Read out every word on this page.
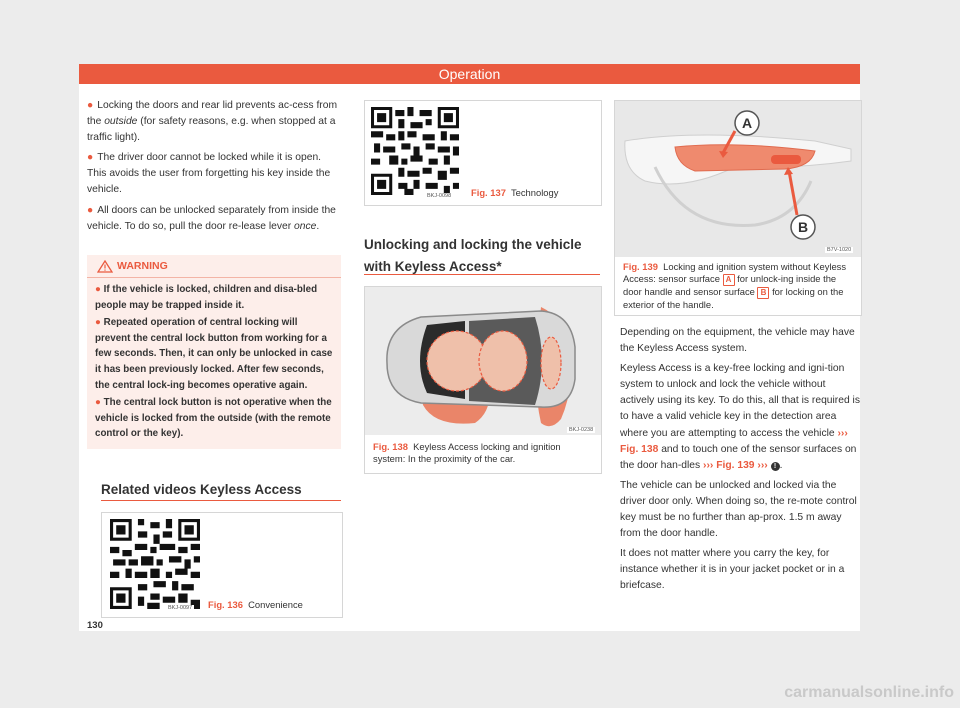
Operation

● Locking the doors and rear lid prevents ac-cess from the outside (for safety reasons, e.g. when stopped at a traffic light).

● The driver door cannot be locked while it is open. This avoids the user from forgetting his key inside the vehicle.

● All doors can be unlocked separately from inside the vehicle. To do so, pull the door re-lease lever once.

WARNING

● If the vehicle is locked, children and disa-bled people may be trapped inside it.

● Repeated operation of central locking will prevent the central lock button from working for a few seconds. Then, it can only be unlocked in case it has been previously locked. After few seconds, the central lock-ing becomes operative again.

● The central lock button is not operative when the vehicle is locked from the outside (with the remote control or the key).

Related videos Keyless Access
BKJ-0097 Fig. 136 Convenience
BKJ-0098 Fig. 137 Technology
Unlocking and locking the vehicle with Keyless Access*
BKJ-0238
Fig. 138 Keyless Access locking and ignition system: In the proximity of the car.
A
B
B7V-1020
Fig. 139 Locking and ignition system without Keyless Access: sensor surface A for unlock-ing inside the door handle and sensor surface B for locking on the exterior of the handle.

Depending on the equipment, the vehicle may have the Keyless Access system.

Keyless Access is a key-free locking and igni-tion system to unlock and lock the vehicle without actively using its key. To do this, all that is required is to have a valid vehicle key in the detection area where you are attempting to access the vehicle ››› Fig. 138 and to touch one of the sensor surfaces on the door han-dles ››› Fig. 139 ››› ! .

The vehicle can be unlocked and locked via the driver door only. When doing so, the re-mote control key must be no further than ap-prox. 1.5 m away from the door handle.

It does not matter where you carry the key, for instance whether it is in your jacket pocket or in a briefcase.

130
carmanualsonline.info
